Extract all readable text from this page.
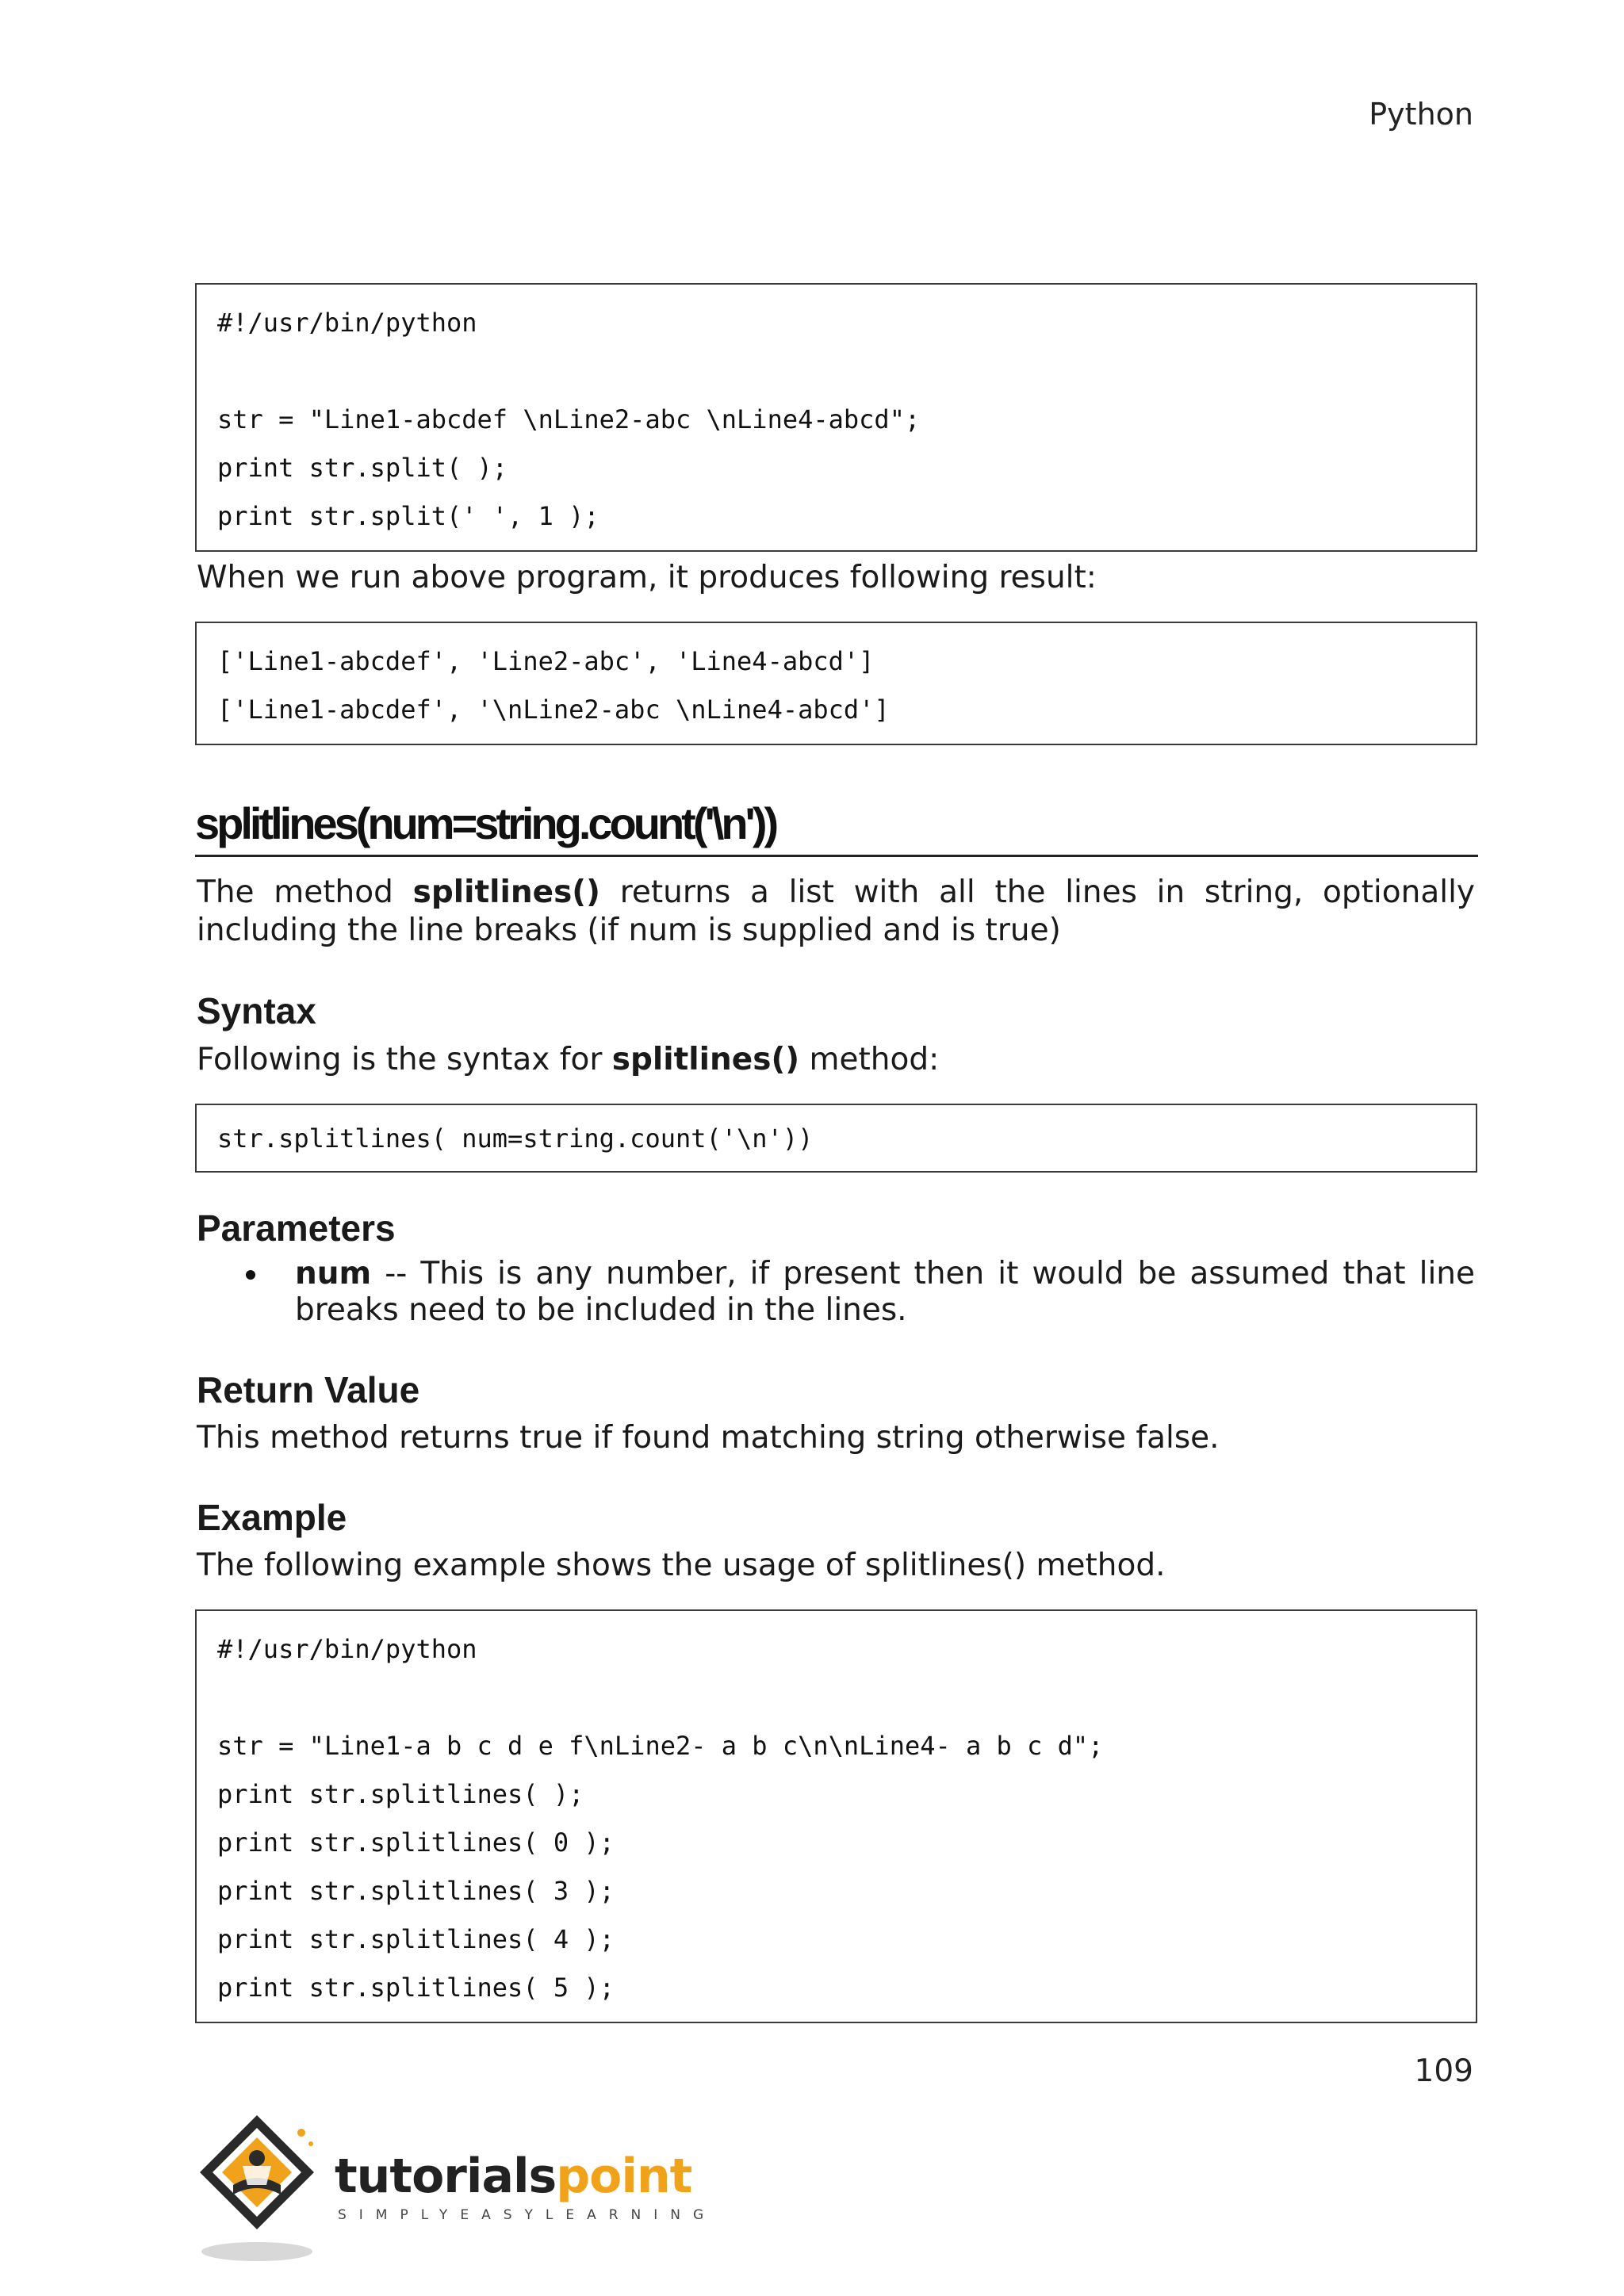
Python
#!/usr/bin/python
str = "Line1-abcdef \nLine2-abc \nLine4-abcd";
print str.split( );
print str.split(' ', 1 );
When we run above program, it produces following result:
['Line1-abcdef', 'Line2-abc', 'Line4-abcd']
['Line1-abcdef', '\nLine2-abc \nLine4-abcd']
splitlines(num=string.count('\n'))
The method splitlines() returns a list with all the lines in string, optionally including the line breaks (if num is supplied and is true)
Syntax
Following is the syntax for splitlines() method:
str.splitlines( num=string.count('\n'))
Parameters
num -- This is any number, if present then it would be assumed that line breaks need to be included in the lines.
Return Value
This method returns true if found matching string otherwise false.
Example
The following example shows the usage of splitlines() method.
#!/usr/bin/python
str = "Line1-a b c d e f\nLine2- a b c\n\nLine4- a b c d";
print str.splitlines( );
print str.splitlines( 0 );
print str.splitlines( 3 );
print str.splitlines( 4 );
print str.splitlines( 5 );
109
tutorialspoint
SIMPLYEASYLEARNING
